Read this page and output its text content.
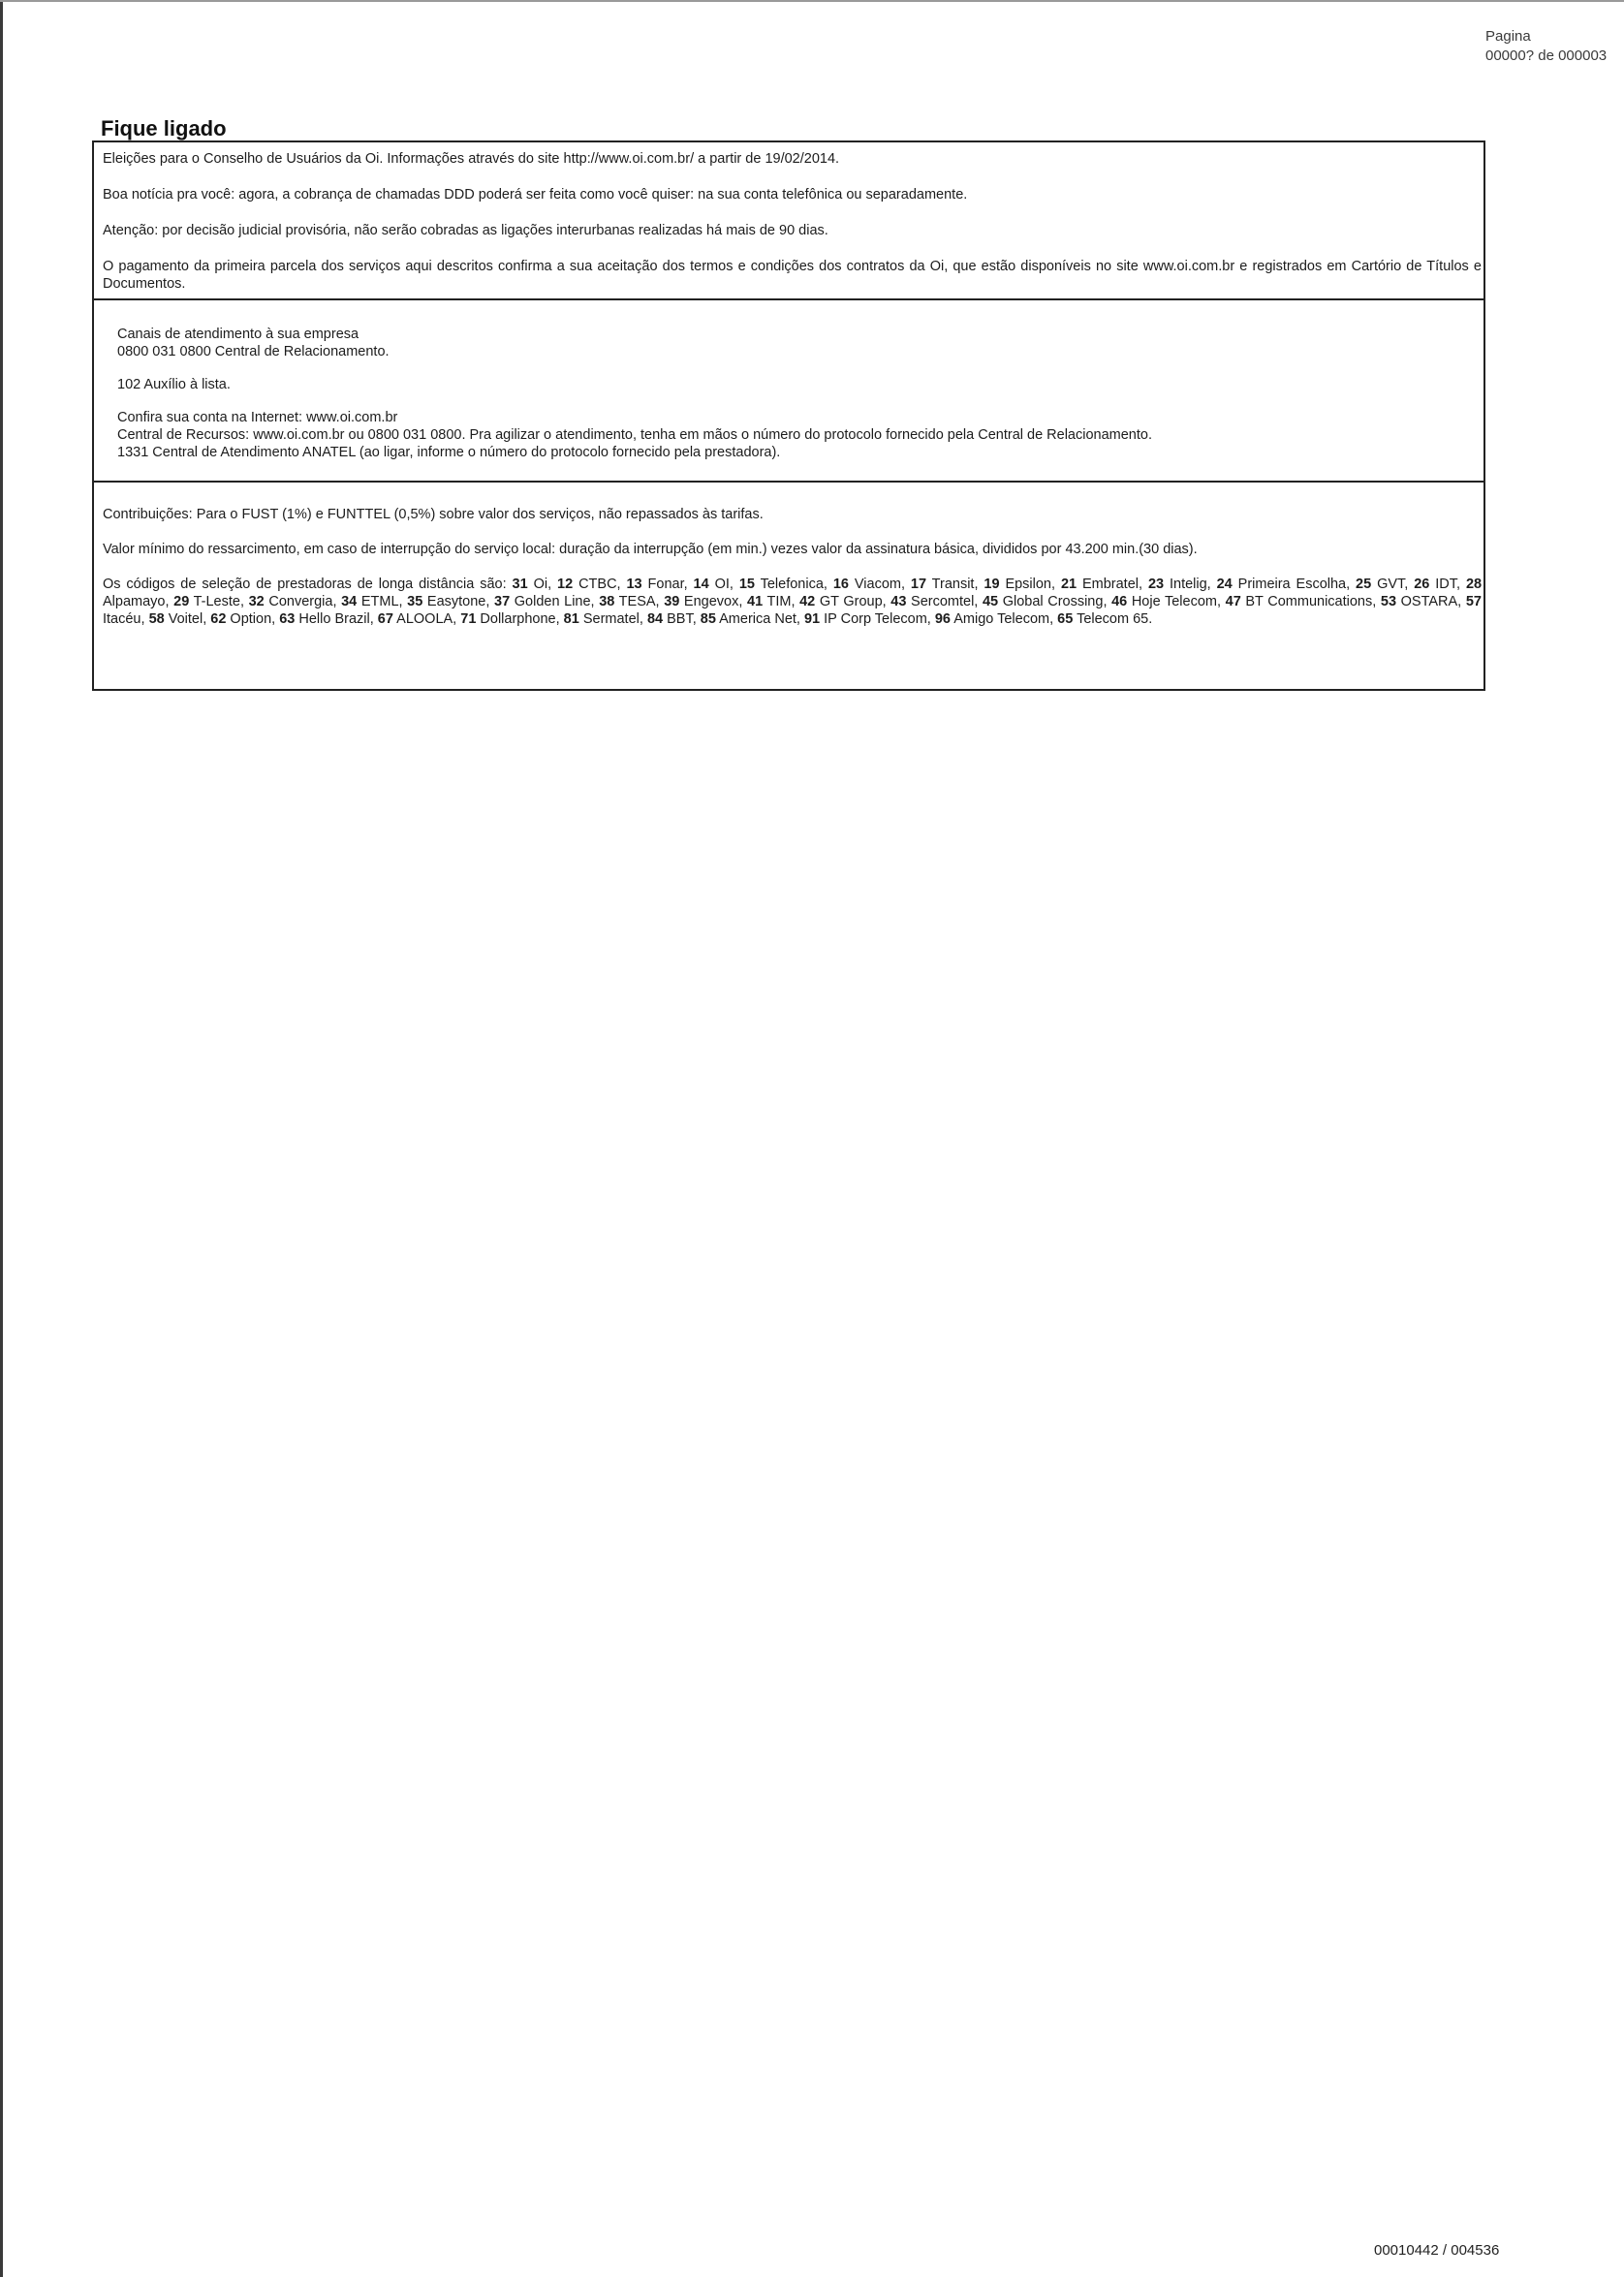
Pagina
00000? de 000003
Fique ligado

Eleições para o Conselho de Usuários da Oi. Informações através do site http://www.oi.com.br/ a partir de 19/02/2014.

Boa notícia pra você: agora, a cobrança de chamadas DDD poderá ser feita como você quiser: na sua conta telefônica ou separadamente.

Atenção: por decisão judicial provisória, não serão cobradas as ligações interurbanas realizadas há mais de 90 dias.

O pagamento da primeira parcela dos serviços aqui descritos confirma a sua aceitação dos termos e condições dos contratos da Oi, que estão disponíveis no site www.oi.com.br e registrados em Cartório de Títulos e Documentos.

Canais de atendimento à sua empresa

0800 031 0800 Central de Relacionamento.

102 Auxílio à lista.

Confira sua conta na Internet: www.oi.com.br

Central de Recursos: www.oi.com.br ou 0800 031 0800. Pra agilizar o atendimento, tenha em mãos o número do protocolo fornecido pela Central de Relacionamento.

1331 Central de Atendimento ANATEL (ao ligar, informe o número do protocolo fornecido pela prestadora).

Contribuições: Para o FUST (1%) e FUNTTEL (0,5%) sobre valor dos serviços, não repassados às tarifas.

Valor mínimo do ressarcimento, em caso de interrupção do serviço local: duração da interrupção (em min.) vezes valor da assinatura básica, divididos por 43.200 min.(30 dias).

Os códigos de seleção de prestadoras de longa distância são: 31 Oi, 12 CTBC, 13 Fonar, 14 OI, 15 Telefonica, 16 Viacom, 17 Transit, 19 Epsilon, 21 Embratel, 23 Intelig, 24 Primeira Escolha, 25 GVT, 26 IDT, 28 Alpamayo, 29 T-Leste, 32 Convergia, 34 ETML, 35 Easytone, 37 Golden Line, 38 TESA, 39 Engevox, 41 TIM, 42 GT Group, 43 Sercomtel, 45 Global Crossing, 46 Hoje Telecom, 47 BT Communications, 53 OSTARA, 57 Itacéu, 58 Voitel, 62 Option, 63 Hello Brazil, 67 ALOOLA, 71 Dollarphone, 81 Sermatel, 84 BBT, 85 America Net, 91 IP Corp Telecom, 96 Amigo Telecom, 65 Telecom 65.

00010442 / 004536
